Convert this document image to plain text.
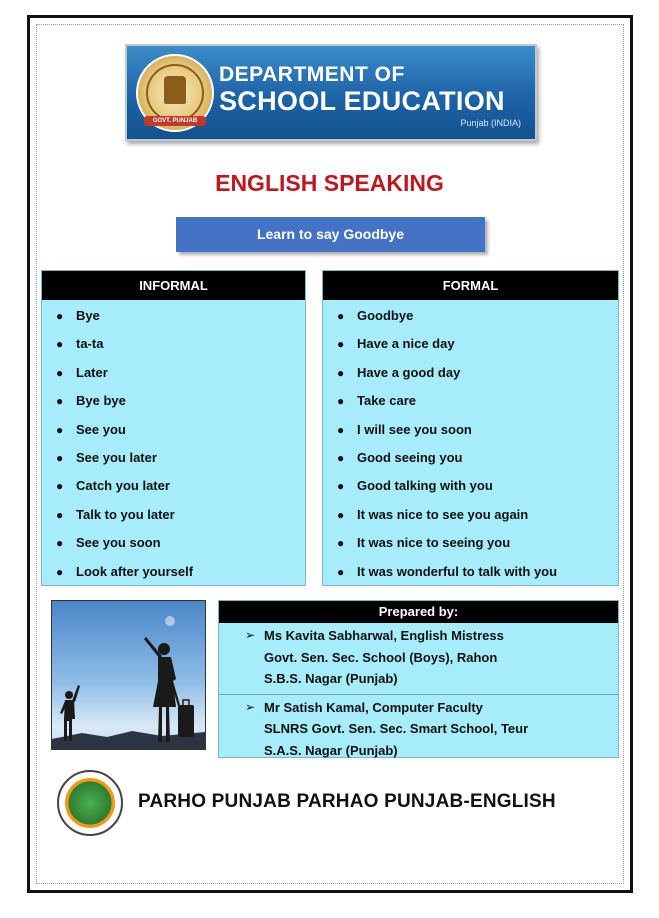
GOVT. PUNJAB
DEPARTMENT OF
SCHOOL EDUCATION
Punjab (INDIA)
ENGLISH SPEAKING
Learn to say Goodbye
INFORMAL
● Bye
● ta-ta
● Later
● Bye bye
● See you
● See you later
● Catch you later
● Talk to you later
● See you soon
● Look after yourself
FORMAL
● Goodbye
● Have a nice day
● Have a good day
● Take care
● I will see you soon
● Good seeing you
● Good talking with you
● It was nice to see you again
● It was nice to seeing you
● It was wonderful to talk with you
Prepared by:
➢ Ms Kavita Sabharwal, English Mistress
Govt. Sen. Sec. School (Boys), Rahon
S.B.S. Nagar (Punjab)
➢ Mr Satish Kamal, Computer Faculty
SLNRS Govt. Sen. Sec. Smart School, Teur
S.A.S. Nagar (Punjab)
PARHO PUNJAB PARHAO PUNJAB-ENGLISH
